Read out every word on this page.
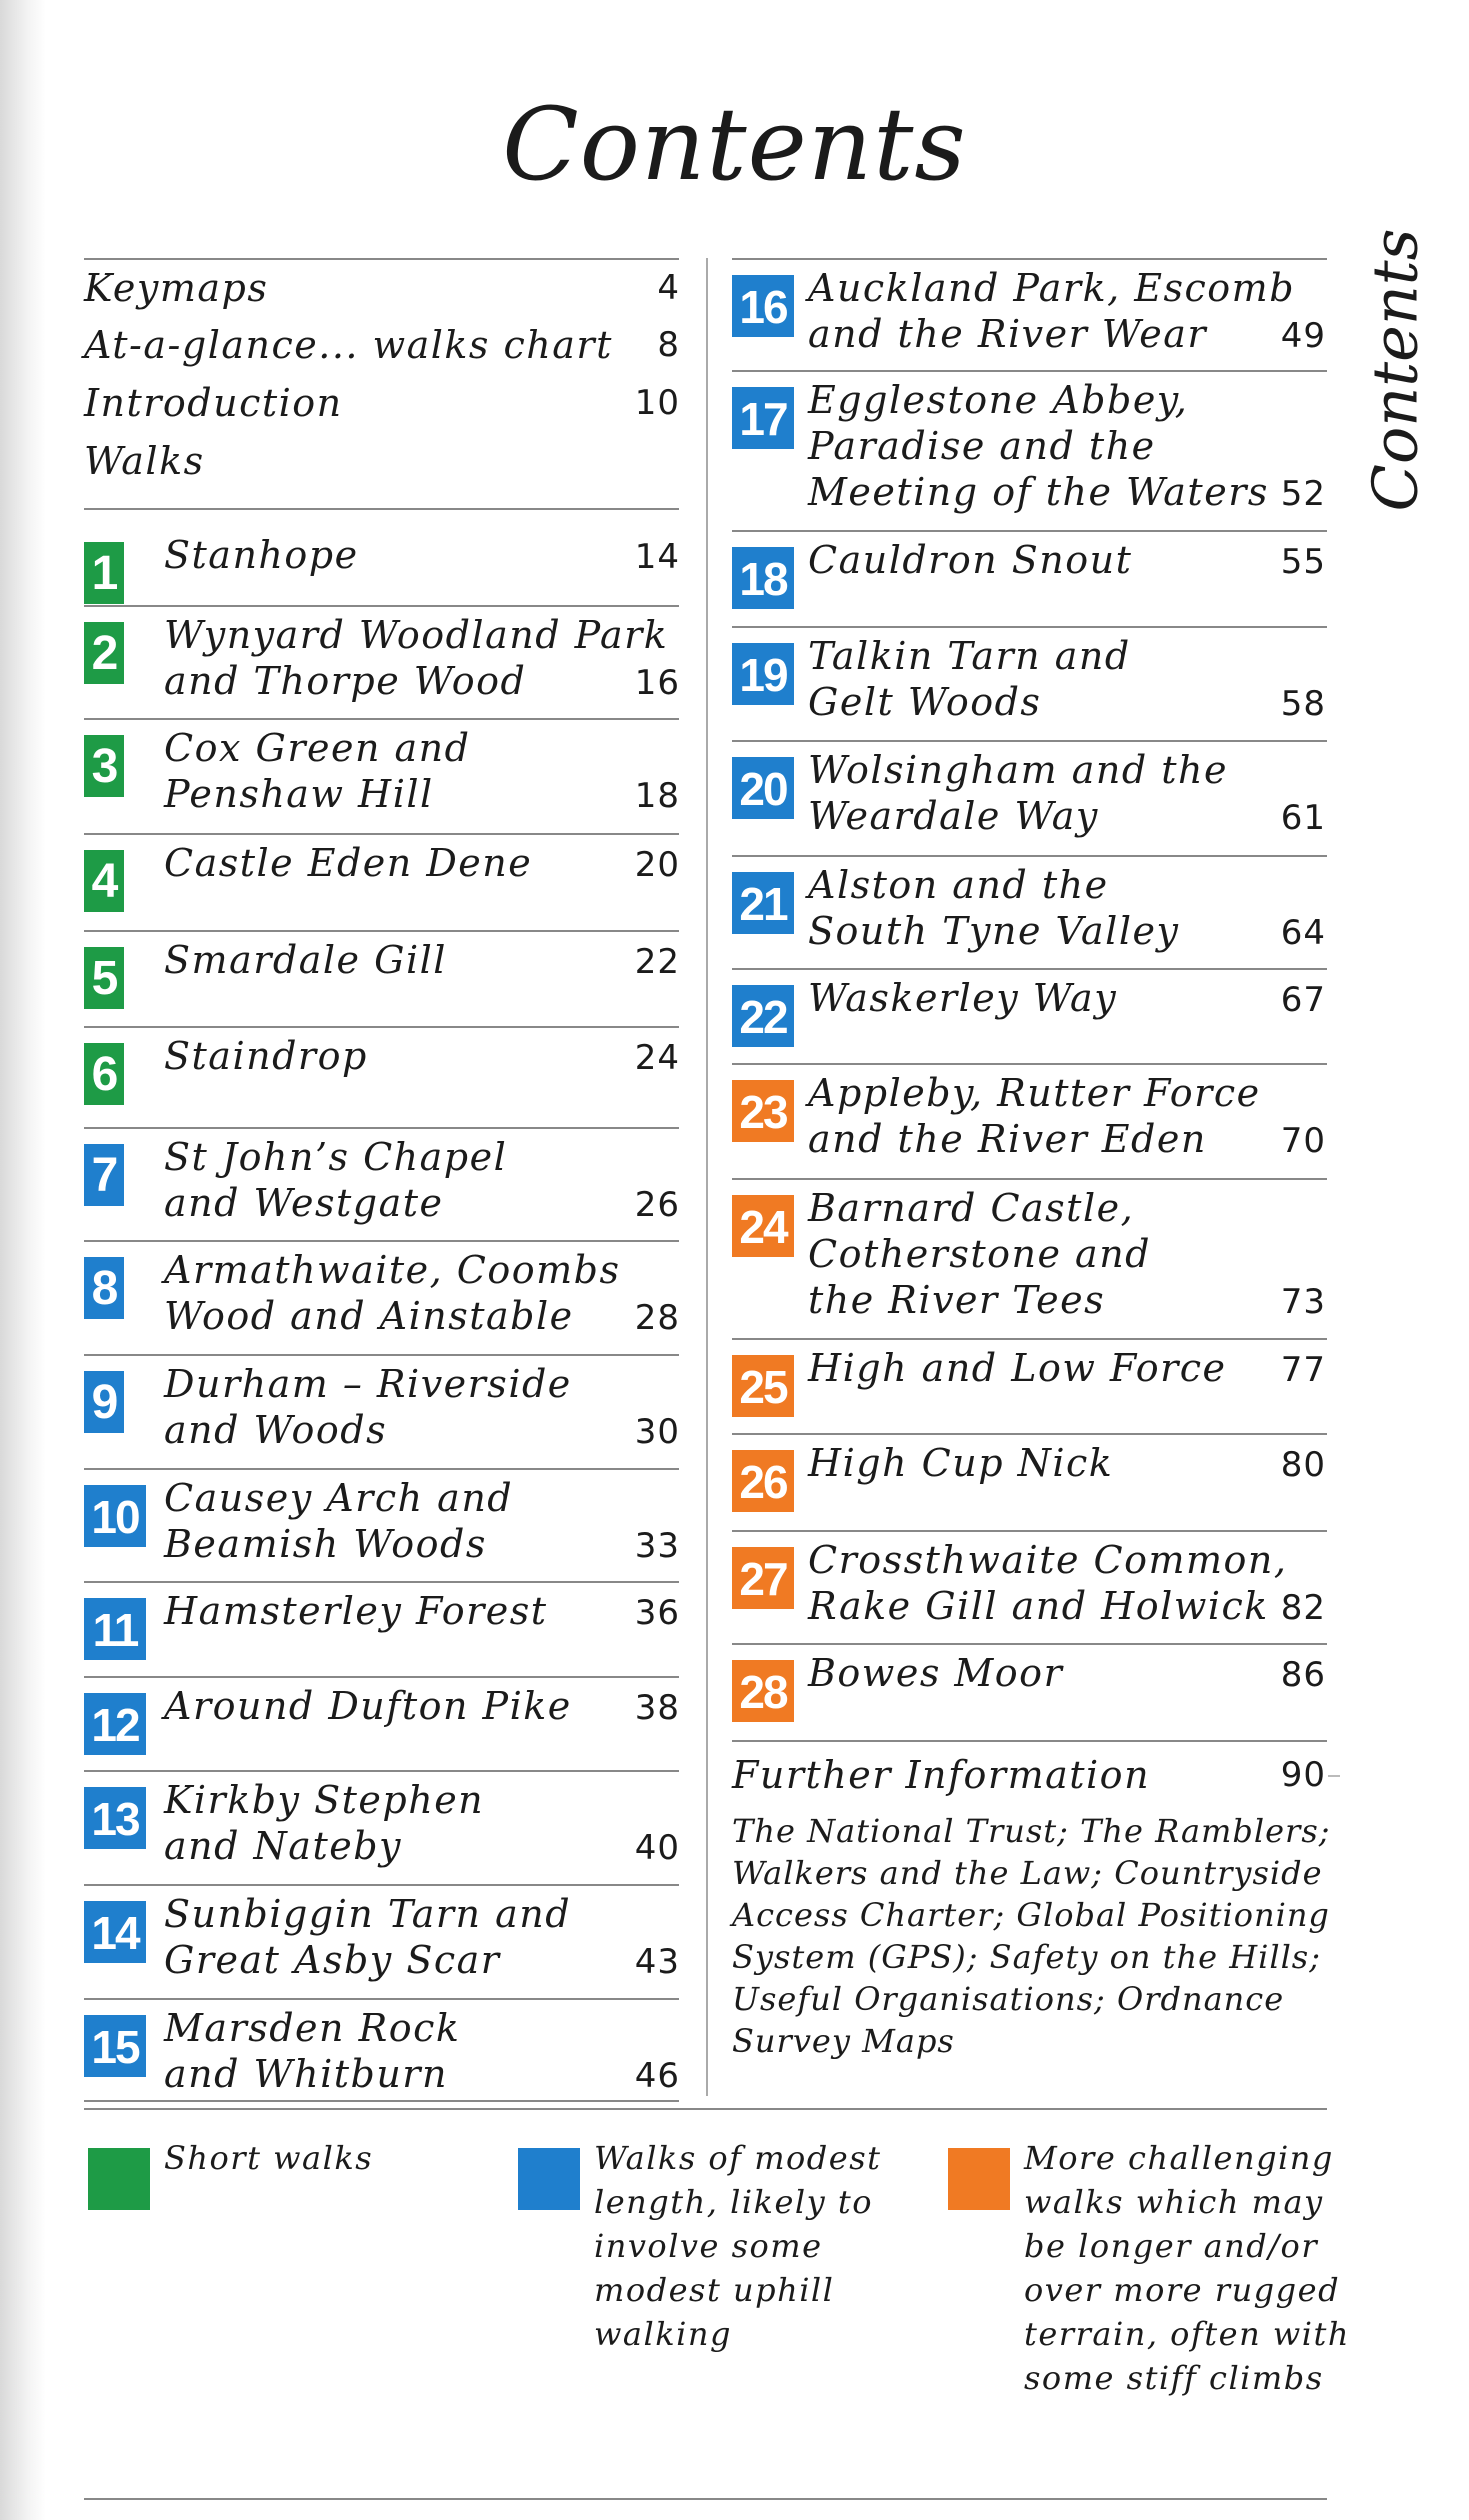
Contents
Contents
Keymaps	4
At-a-glance... walks chart	8
Introduction	10
Walks
1 Stanhope	14
2 Wynyard Woodland Park
and Thorpe Wood	16
3 Cox Green and
Penshaw Hill	18
4 Castle Eden Dene	20
5 Smardale Gill	22
6 Staindrop	24
7 St John’s Chapel
and Westgate	26
8 Armathwaite, Coombs
Wood and Ainstable	28
9 Durham – Riverside
and Woods	30
10 Causey Arch and
Beamish Woods	33
11 Hamsterley Forest	36
12 Around Dufton Pike	38
13 Kirkby Stephen
and Nateby	40
14 Sunbiggin Tarn and
Great Asby Scar	43
15 Marsden Rock
and Whitburn	46
16 Auckland Park, Escomb
and the River Wear	49
17 Egglestone Abbey,
Paradise and the
Meeting of the Waters 52
18 Cauldron Snout	55
19 Talkin Tarn and
Gelt Woods	58
20 Wolsingham and the
Weardale Way	61
21 Alston and the
South Tyne Valley	64
22 Waskerley Way	67
23 Appleby, Rutter Force
and the River Eden	70
24 Barnard Castle,
Cotherstone and
the River Tees	73
25 High and Low Force	77
26 High Cup Nick	80
27 Crossthwaite Common,
Rake Gill and Holwick 82
28 Bowes Moor	86
Further Information	90
The National Trust; The Ramblers;
Walkers and the Law; Countryside
Access Charter; Global Positioning
System (GPS); Safety on the Hills;
Useful Organisations; Ordnance
Survey Maps
Short walks	Walks of modest
length, likely to
involve some
modest uphill
walking
More challenging
walks which may
be longer and/or
over more rugged
terrain, often with
some stiff climbs
